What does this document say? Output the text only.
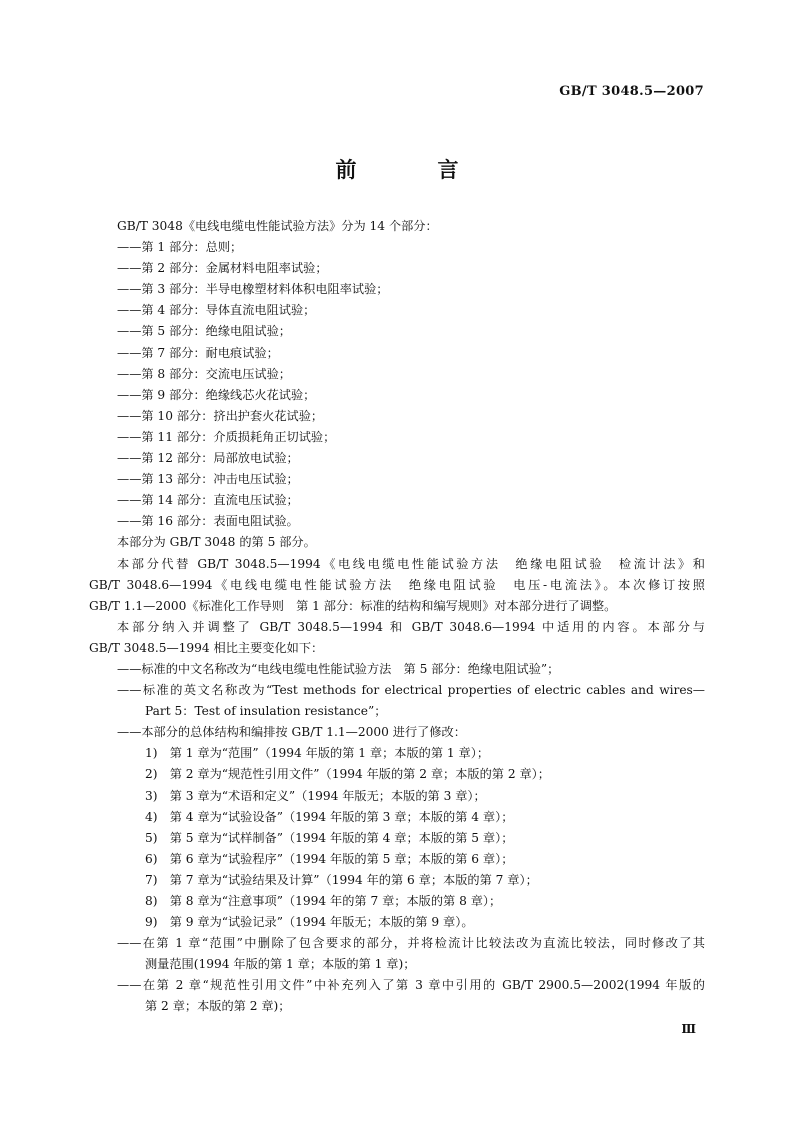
GB/T 3048.5—2007
前　言
GB/T 3048《电线电缆电性能试验方法》分为 14 个部分：
——第 1 部分：总则；
——第 2 部分：金属材料电阻率试验；
——第 3 部分：半导电橡塑材料体积电阻率试验；
——第 4 部分：导体直流电阻试验；
——第 5 部分：绝缘电阻试验；
——第 7 部分：耐电痕试验；
——第 8 部分：交流电压试验；
——第 9 部分：绝缘线芯火花试验；
——第 10 部分：挤出护套火花试验；
——第 11 部分：介质损耗角正切试验；
——第 12 部分：局部放电试验；
——第 13 部分：冲击电压试验；
——第 14 部分：直流电压试验；
——第 16 部分：表面电阻试验。
本部分为 GB/T 3048 的第 5 部分。
本部分代替 GB/T 3048.5—1994《电线电缆电性能试验方法　绝缘电阻试验　检流计法》和
GB/T 3048.6—1994《电线电缆电性能试验方法　绝缘电阻试验　电压-电流法》。本次修订按照
GB/T 1.1—2000《标准化工作导则　第 1 部分：标准的结构和编写规则》对本部分进行了调整。
本部分纳入并调整了 GB/T 3048.5—1994 和 GB/T 3048.6—1994 中适用的内容。本部分与
GB/T 3048.5—1994 相比主要变化如下：
——标准的中文名称改为“电线电缆电性能试验方法　第 5 部分：绝缘电阻试验”；
——标准的英文名称改为“Test methods for electrical properties of electric cables and wires—
Part 5：Test of insulation resistance”；
——本部分的总体结构和编排按 GB/T 1.1—2000 进行了修改：
1)　第 1 章为“范围”（1994 年版的第 1 章；本版的第 1 章）；
2)　第 2 章为“规范性引用文件”（1994 年版的第 2 章；本版的第 2 章）；
3)　第 3 章为“术语和定义”（1994 年版无；本版的第 3 章）；
4)　第 4 章为“试验设备”（1994 年版的第 3 章；本版的第 4 章）；
5)　第 5 章为“试样制备”（1994 年版的第 4 章；本版的第 5 章）；
6)　第 6 章为“试验程序”（1994 年版的第 5 章；本版的第 6 章）；
7)　第 7 章为“试验结果及计算”（1994 年的第 6 章；本版的第 7 章）；
8)　第 8 章为“注意事项”（1994 年的第 7 章；本版的第 8 章）；
9)　第 9 章为“试验记录”（1994 年版无；本版的第 9 章）。
——在第 1 章“范围”中删除了包含要求的部分，并将检流计比较法改为直流比较法，同时修改了其
测量范围(1994 年版的第 1 章；本版的第 1 章)；
——在第 2 章“规范性引用文件”中补充列入了第 3 章中引用的 GB/T 2900.5—2002(1994 年版的
第 2 章；本版的第 2 章)；
Ⅲ
